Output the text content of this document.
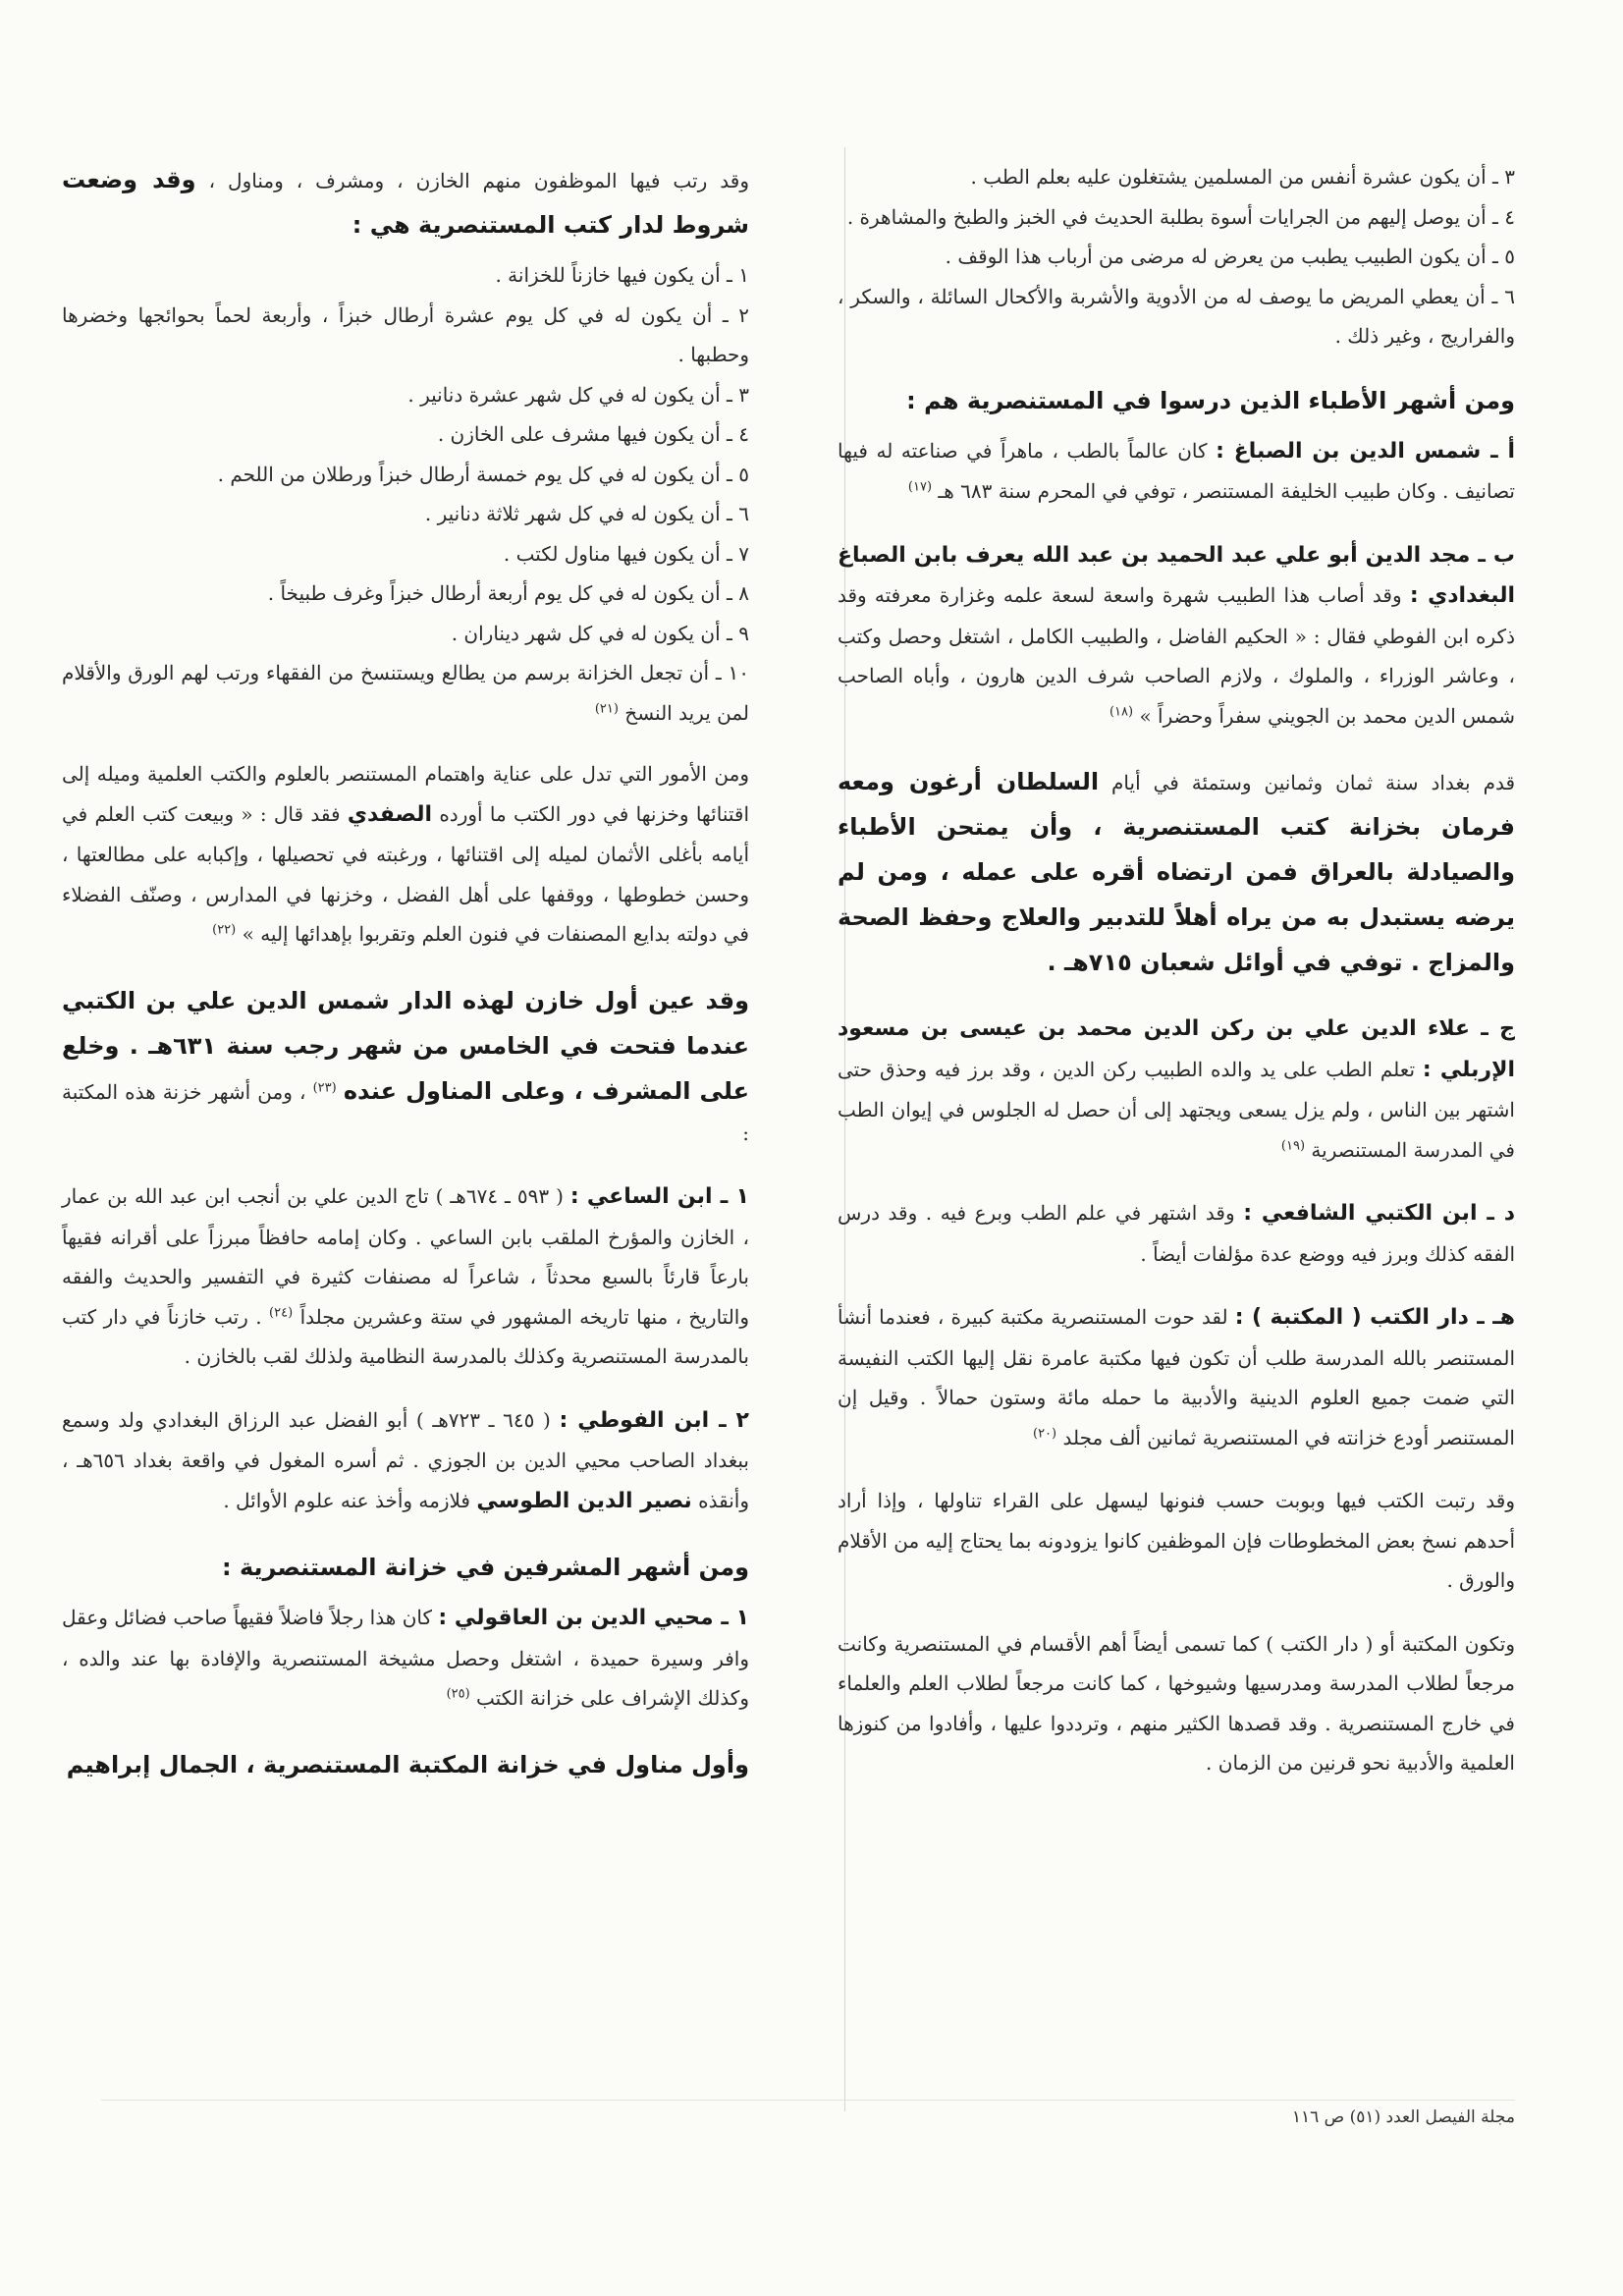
٣ ـ أن يكون عشرة أنفس من المسلمين يشتغلون عليه بعلم الطب .

٤ ـ أن يوصل إليهم من الجرايات أسوة بطلبة الحديث في الخبز والطبخ والمشاهرة .

٥ ـ أن يكون الطبيب يطبب من يعرض له مرضى من أرباب هذا الوقف .

٦ ـ أن يعطي المريض ما يوصف له من الأدوية والأشربة والأكحال السائلة ، والسكر ، والفراريج ، وغير ذلك .

ومن أشهر الأطباء الذين درسوا في المستنصرية هم :

أ ـ شمس الدين بن الصباغ : كان عالماً بالطب ، ماهراً في صناعته له فيها تصانيف . وكان طبيب الخليفة المستنصر ، توفي في المحرم سنة ٦٨٣ هـ $^{(١٧)}$

ب ـ مجد الدين أبو علي عبد الحميد بن عبد الله يعرف بابن الصباغ البغدادي : وقد أصاب هذا الطبيب شهرة واسعة لسعة علمه وغزارة معرفته وقد ذكره ابن الفوطي فقال : « الحكيم الفاضل ، والطبيب الكامل ، اشتغل وحصل وكتب ، وعاشر الوزراء ، والملوك ، ولازم الصاحب شرف الدين هارون ، وأباه الصاحب شمس الدين محمد بن الجويني سفراً وحضراً » $^{(١٨)}$

قدم بغداد سنة ثمان وثمانين وستمئة في أيام السلطان أرغون ومعه فرمان بخزانة كتب المستنصرية ، وأن يمتحن الأطباء والصيادلة بالعراق فمن ارتضاه أقره على عمله ، ومن لم يرضه يستبدل به من يراه أهلاً للتدبير والعلاج وحفظ الصحة والمزاج . توفي في أوائل شعبان ٧١٥هـ .

ج ـ علاء الدين علي بن ركن الدين محمد بن عيسى بن مسعود الإربلي : تعلم الطب على يد والده الطبيب ركن الدين ، وقد برز فيه وحذق حتى اشتهر بين الناس ، ولم يزل يسعى ويجتهد إلى أن حصل له الجلوس في إيوان الطب في المدرسة المستنصرية $^{(١٩)}$

د ـ ابن الكتبي الشافعي : وقد اشتهر في علم الطب وبرع فيه . وقد درس الفقه كذلك وبرز فيه ووضع عدة مؤلفات أيضاً .

هـ ـ دار الكتب ( المكتبة ) : لقد حوت المستنصرية مكتبة كبيرة ، فعندما أنشأ المستنصر بالله المدرسة طلب أن تكون فيها مكتبة عامرة نقل إليها الكتب النفيسة التي ضمت جميع العلوم الدينية والأدبية ما حمله مائة وستون حمالاً . وقيل إن المستنصر أودع خزانته في المستنصرية ثمانين ألف مجلد $^{(٢٠)}$

وقد رتبت الكتب فيها وبوبت حسب فنونها ليسهل على القراء تناولها ، وإذا أراد أحدهم نسخ بعض المخطوطات فإن الموظفين كانوا يزودونه بما يحتاج إليه من الأقلام والورق .

وتكون المكتبة أو ( دار الكتب ) كما تسمى أيضاً أهم الأقسام في المستنصرية وكانت مرجعاً لطلاب المدرسة ومدرسيها وشيوخها ، كما كانت مرجعاً لطلاب العلم والعلماء في خارج المستنصرية . وقد قصدها الكثير منهم ، وترددوا عليها ، وأفادوا من كنوزها العلمية والأدبية نحو قرنين من الزمان .

وقد رتب فيها الموظفون منهم الخازن ، ومشرف ، ومناول ، وقد وضعت شروط لدار كتب المستنصرية هي :

١ ـ أن يكون فيها خازناً للخزانة .

٢ ـ أن يكون له في كل يوم عشرة أرطال خبزاً ، وأربعة لحماً بحوائجها وخضرها وحطبها .

٣ ـ أن يكون له في كل شهر عشرة دنانير .

٤ ـ أن يكون فيها مشرف على الخازن .

٥ ـ أن يكون له في كل يوم خمسة أرطال خبزاً ورطلان من اللحم .

٦ ـ أن يكون له في كل شهر ثلاثة دنانير .

٧ ـ أن يكون فيها مناول لكتب .

٨ ـ أن يكون له في كل يوم أربعة أرطال خبزاً وغرف طبيخاً .

٩ ـ أن يكون له في كل شهر ديناران .

١٠ ـ أن تجعل الخزانة برسم من يطالع ويستنسخ من الفقهاء ورتب لهم الورق والأقلام لمن يريد النسخ $^{(٢١)}$

ومن الأمور التي تدل على عناية واهتمام المستنصر بالعلوم والكتب العلمية وميله إلى اقتنائها وخزنها في دور الكتب ما أورده الصفدي فقد قال : « وبيعت كتب العلم في أيامه بأغلى الأثمان لميله إلى اقتنائها ، ورغبته في تحصيلها ، وإكبابه على مطالعتها ، وحسن خطوطها ، ووقفها على أهل الفضل ، وخزنها في المدارس ، وصنّف الفضلاء في دولته بدايع المصنفات في فنون العلم وتقربوا بإهدائها إليه » $^{(٢٢)}$

وقد عين أول خازن لهذه الدار شمس الدين علي بن الكتبي عندما فتحت في الخامس من شهر رجب سنة ٦٣١هـ . وخلع على المشرف ، وعلى المناول عنده $^{(٢٣)}$ ، ومن أشهر خزنة هذه المكتبة :

١ ـ ابن الساعي : ( ٥٩٣ ـ ٦٧٤هـ ) تاج الدين علي بن أنجب ابن عبد الله بن عمار ، الخازن والمؤرخ الملقب بابن الساعي . وكان إمامه حافظاً مبرزاً على أقرانه فقيهاً بارعاً قارئاً بالسبع محدثاً ، شاعراً له مصنفات كثيرة في التفسير والحديث والفقه والتاريخ ، منها تاريخه المشهور في ستة وعشرين مجلداً $^{(٢٤)}$ . رتب خازناً في دار كتب بالمدرسة المستنصرية وكذلك بالمدرسة النظامية ولذلك لقب بالخازن .

٢ ـ ابن الفوطي : ( ٦٤٥ ـ ٧٢٣هـ ) أبو الفضل عبد الرزاق البغدادي ولد وسمع ببغداد الصاحب محيي الدين بن الجوزي . ثم أسره المغول في واقعة بغداد ٦٥٦هـ ، وأنقذه نصير الدين الطوسي فلازمه وأخذ عنه علوم الأوائل .

ومن أشهر المشرفين في خزانة المستنصرية :

١ ـ محيي الدين بن العاقولي : كان هذا رجلاً فاضلاً فقيهاً صاحب فضائل وعقل وافر وسيرة حميدة ، اشتغل وحصل مشيخة المستنصرية والإفادة بها عند والده ، وكذلك الإشراف على خزانة الكتب $^{(٢٥)}$

وأول مناول في خزانة المكتبة المستنصرية ، الجمال إبراهيم
مجلة الفيصل العدد (٥١) ص ١١٦
